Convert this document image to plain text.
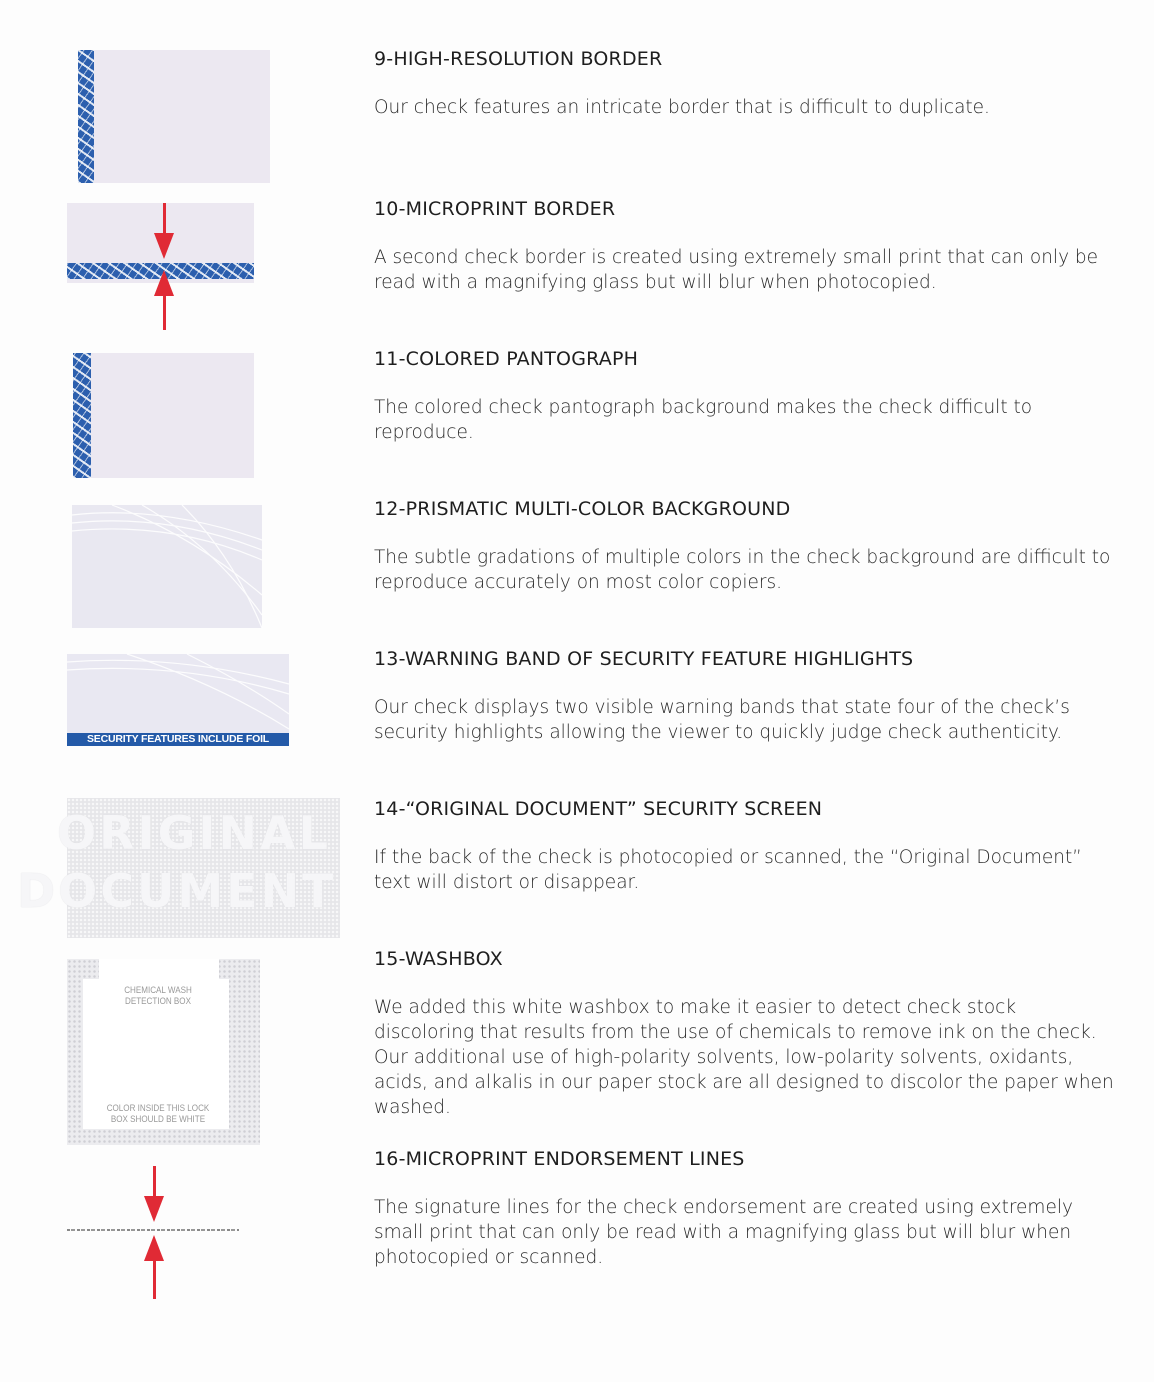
SECURITY FEATURES INCLUDE FOIL
ORIGINAL
DOCUMENT
CHEMICAL WASH DETECTION BOX
COLOR INSIDE THIS LOCK BOX SHOULD BE WHITE
9-HIGH-RESOLUTION BORDER

Our check features an intricate border that is difficult to duplicate.

10-MICROPRINT BORDER

A second check border is created using extremely small print that can only be read with a magnifying glass but will blur when photocopied.

11-COLORED PANTOGRAPH

The colored check pantograph background makes the check difficult to reproduce.

12-PRISMATIC MULTI-COLOR BACKGROUND

The subtle gradations of multiple colors in the check background are difficult to reproduce accurately on most color copiers.

13-WARNING BAND OF SECURITY FEATURE HIGHLIGHTS

Our check displays two visible warning bands that state four of the check’s security highlights allowing the viewer to quickly judge check authenticity.

14-“ORIGINAL DOCUMENT” SECURITY SCREEN

If the back of the check is photocopied or scanned, the “Original Document” text will distort or disappear.

15-WASHBOX

We added this white washbox to make it easier to detect check stock discoloring that results from the use of chemicals to remove ink on the check. Our additional use of high-polarity solvents, low-polarity solvents, oxidants, acids, and alkalis in our paper stock are all designed to discolor the paper when washed.

16-MICROPRINT ENDORSEMENT LINES

The signature lines for the check endorsement are created using extremely small print that can only be read with a magnifying glass but will blur when photocopied or scanned.
